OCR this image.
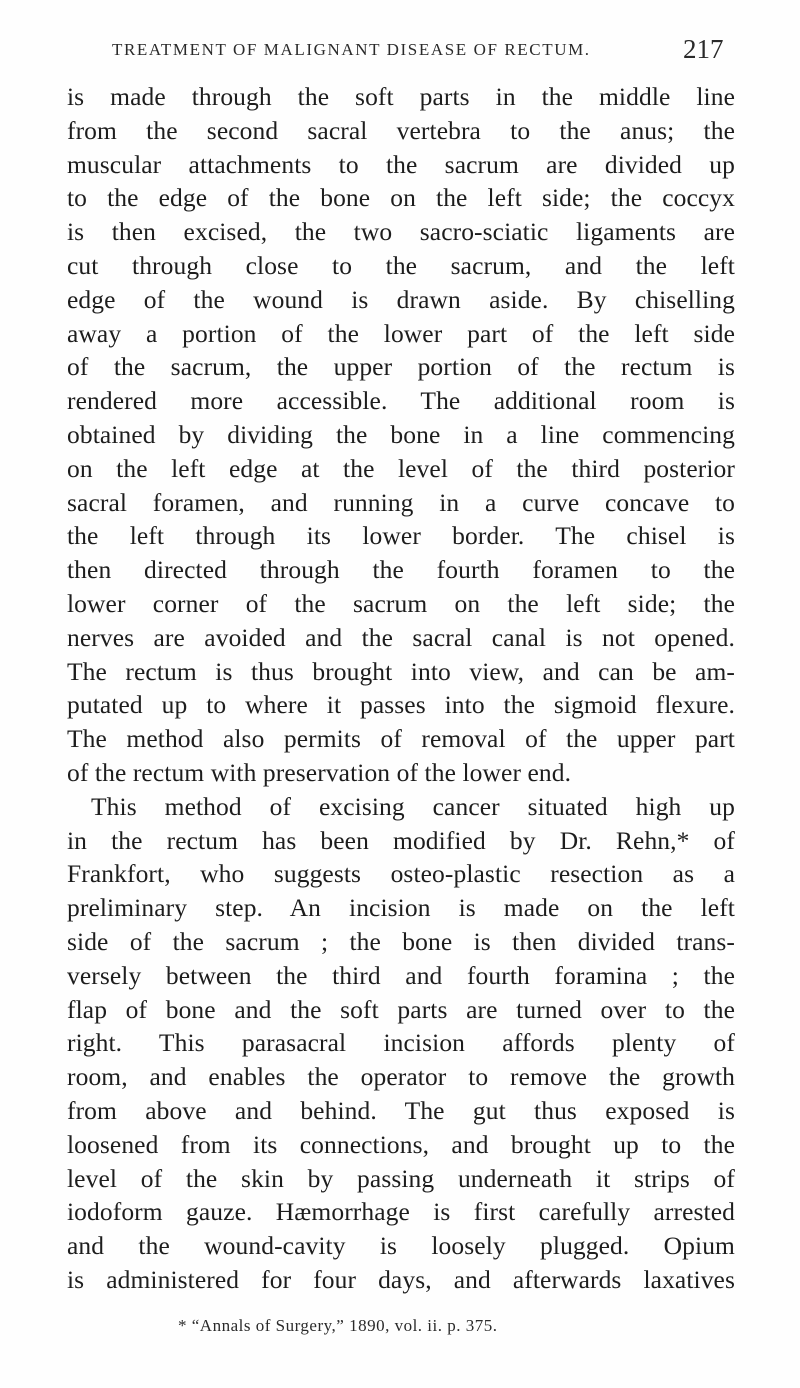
TREATMENT OF MALIGNANT DISEASE OF RECTUM.	217
is made through the soft parts in the middle line
from the second sacral vertebra to the anus; the
muscular attachments to the sacrum are divided up
to the edge of the bone on the left side; the coccyx
is then excised, the two sacro-sciatic ligaments are
cut through close to the sacrum, and the left
edge of the wound is drawn aside. By chiselling
away a portion of the lower part of the left side
of the sacrum, the upper portion of the rectum is
rendered more accessible. The additional room is
obtained by dividing the bone in a line commencing
on the left edge at the level of the third posterior
sacral foramen, and running in a curve concave to
the left through its lower border. The chisel is
then directed through the fourth foramen to the
lower corner of the sacrum on the left side; the
nerves are avoided and the sacral canal is not opened.
The rectum is thus brought into view, and can be am-
putated up to where it passes into the sigmoid flexure.
The method also permits of removal of the upper part
of the rectum with preservation of the lower end.
This method of excising cancer situated high up
in the rectum has been modified by Dr. Rehn,* of
Frankfort, who suggests osteo-plastic resection as a
preliminary step. An incision is made on the left
side of the sacrum ; the bone is then divided trans-
versely between the third and fourth foramina ; the
flap of bone and the soft parts are turned over to the
right. This parasacral incision affords plenty of
room, and enables the operator to remove the growth
from above and behind. The gut thus exposed is
loosened from its connections, and brought up to the
level of the skin by passing underneath it strips of
iodoform gauze. Hæmorrhage is first carefully arrested
and the wound-cavity is loosely plugged. Opium
is administered for four days, and afterwards laxatives
* “Annals of Surgery,” 1890, vol. ii. p. 375.
